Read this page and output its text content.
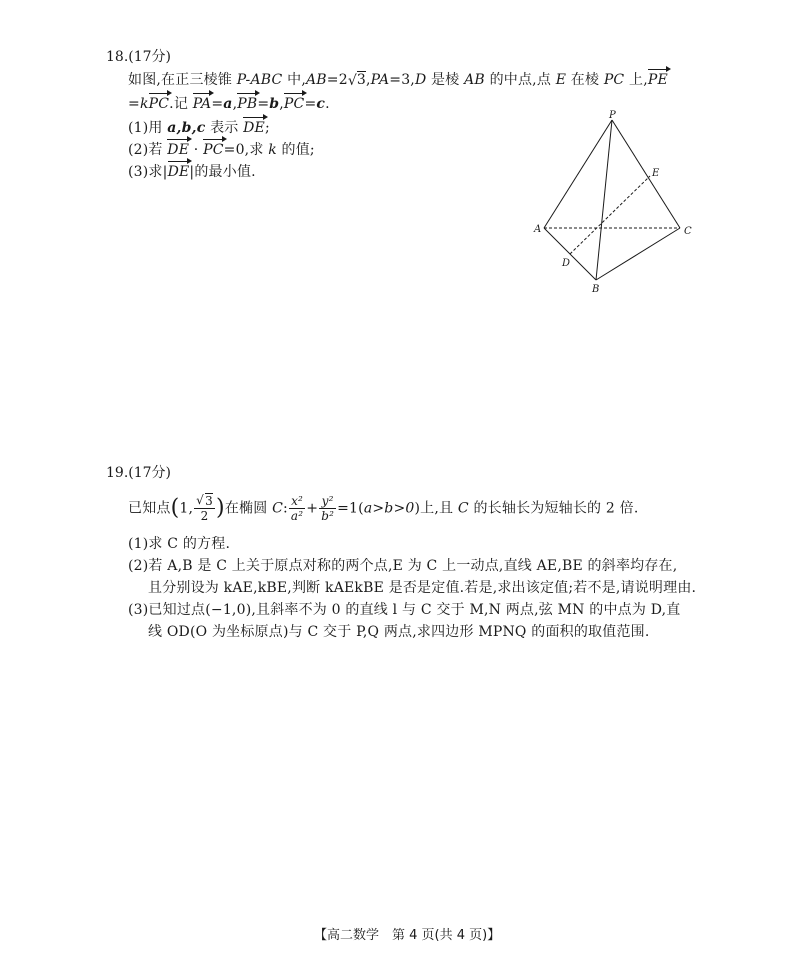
18.(17分)
如图,在正三棱锥 P-ABC 中,AB=2 √ 3,PA=3,D 是棱 AB 的中点,点 E 在棱 PC 上,PE
=kPC.记 PA=a,PB=b,PC=c.
(1)用 a,b,c 表示 DE;
(2)若 DE · PC=0,求 k 的值;
(3)求|DE|的最小值.
P
A
B
C
D
E
19.(17分)
已知点(1, √ $\frac{3}{2}$ )在椭圆 C: $\frac{\text{x²}}{\text{a²}} + \frac{\text{y²}}{\text{b²}} =1(a>b>0)$上,且 C 的长轴长为短轴长的 2 倍.
(1)求 C 的方程.
(2)若 A,B 是 C 上关于原点对称的两个点,E 为 C 上一动点,直线 AE,BE 的斜率均存在,
且分别设为 kAE,kBE,判断 kAEkBE 是否是定值.若是,求出该定值;若不是,请说明理由.
(3)已知过点(−1,0),且斜率不为 0 的直线 l 与 C 交于 M,N 两点,弦 MN 的中点为 D,直
线 OD(O 为坐标原点)与 C 交于 P,Q 两点,求四边形 MPNQ 的面积的取值范围.
【高二数学　第 4 页(共 4 页)】
